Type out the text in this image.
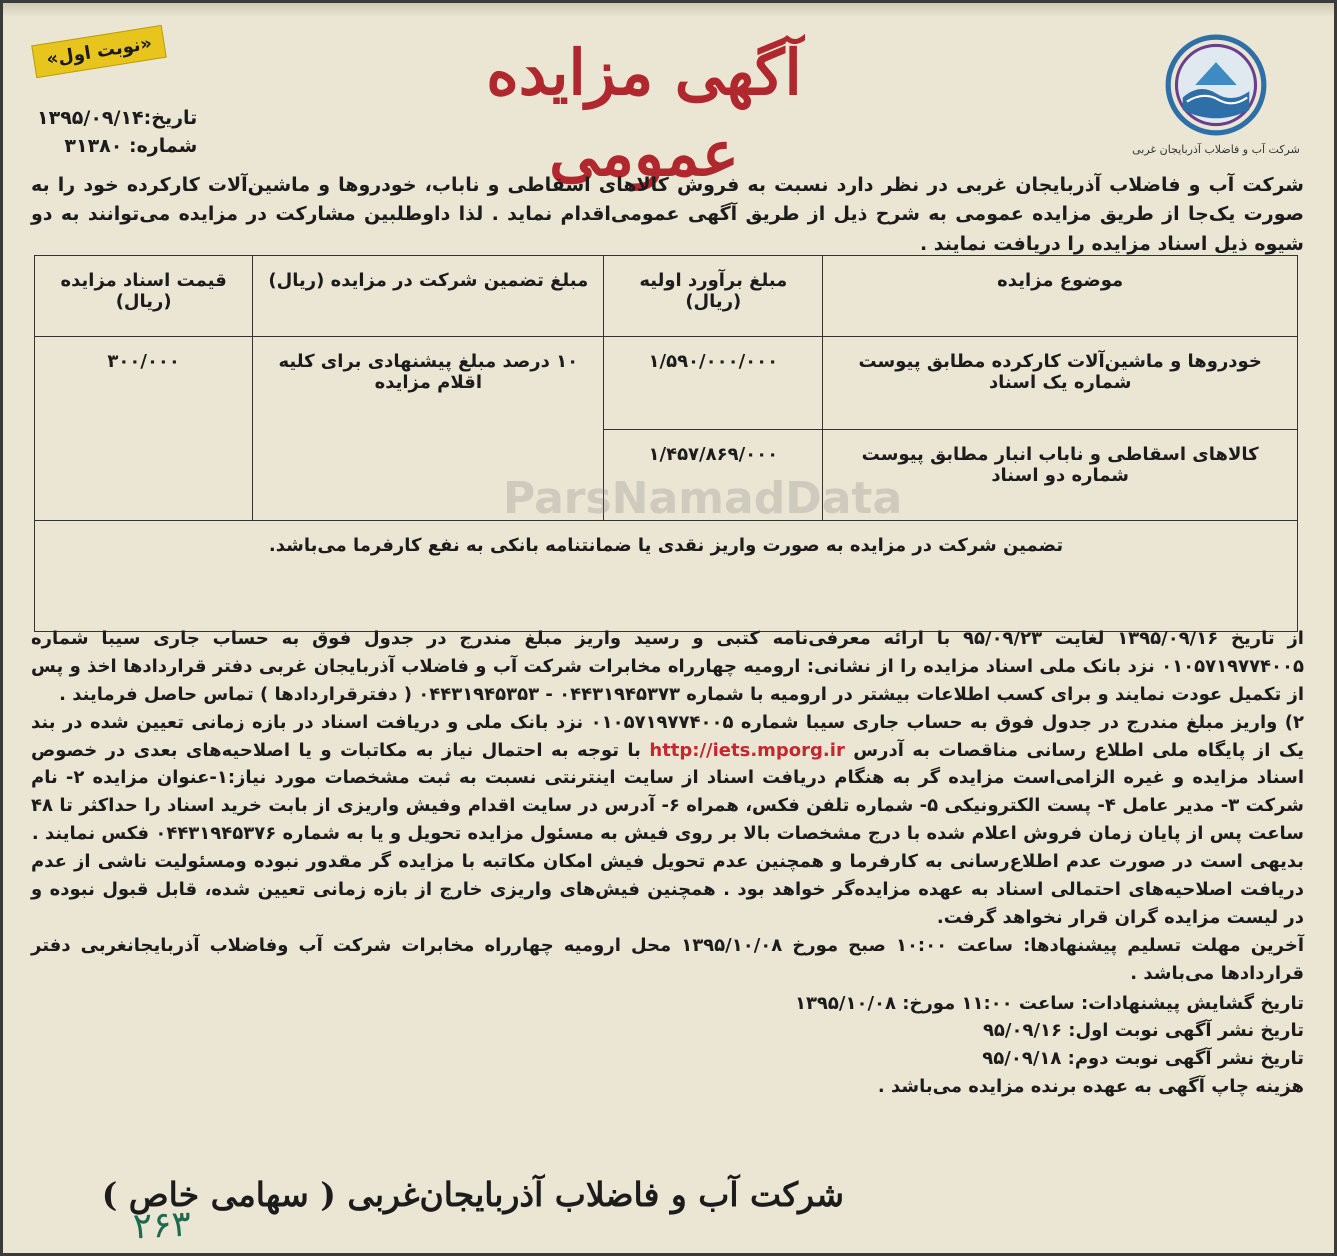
شرکت آب و فاضلاب آذربایجان غربی
آگهی مزایده عمومی
«نوبت اول»
تاریخ:۱۳۹۵/۰۹/۱۴
شماره: ۳۱۳۸۰
شرکت آب و فاضلاب آذربایجان غربی در نظر دارد نسبت به فروش کالاهای اسقاطی و ناباب، خودروها و ماشین‌آلات کارکرده خود را به صورت یک‌جا از طریق مزایده عمومی به شرح ذیل از طریق آگهی عمومی‌اقدام نماید . لذا داوطلبین مشارکت در مزایده می‌توانند به دو شیوه ذیل اسناد مزایده را دریافت نمایند .
موضوع مزایده	مبلغ برآورد اولیه (ریال)	مبلغ تضمین شرکت در مزایده (ریال)	قیمت اسناد مزایده (ریال)
خودروها و ماشین‌آلات کارکرده مطابق پیوست شماره یک اسناد	۱/۵۹۰/۰۰۰/۰۰۰	۱۰ درصد مبلغ پیشنهادی برای کلیه اقلام مزایده	۳۰۰/۰۰۰
کالاهای اسقاطی و ناباب انبار مطابق پیوست شماره دو اسناد	۱/۴۵۷/۸۶۹/۰۰۰		
تضمین شرکت در مزایده به صورت واریز نقدی یا ضمانتنامه بانکی به نفع کارفرما می‌باشد.			
ParsNamadData

از تاریخ ۱۳۹۵/۰۹/۱۶ لغایت ۹۵/۰۹/۲۳ با ارائه معرفی‌نامه کتبی و رسید واریز مبلغ مندرج در جدول فوق به حساب جاری سیبا شماره ۰۱۰۵۷۱۹۷۷۴۰۰۵ نزد بانک ملی اسناد مزایده را از نشانی: ارومیه چهارراه مخابرات شرکت آب و فاضلاب آذربایجان غربی دفتر قراردادها اخذ و پس از تکمیل عودت نمایند و برای کسب اطلاعات بیشتر در ارومیه با شماره ۰۴۴۳۱۹۴۵۳۷۳ - ۰۴۴۳۱۹۴۵۳۵۳ ( دفترقراردادها ) تماس حاصل فرمایند .

۲) واریز مبلغ مندرج در جدول فوق به حساب جاری سیبا شماره ۰۱۰۵۷۱۹۷۷۴۰۰۵ نزد بانک ملی و دریافت اسناد در بازه زمانی تعیین شده در بند یک از پایگاه ملی اطلاع رسانی مناقصات به آدرس http://iets.mporg.ir با توجه به احتمال نیاز به مکاتبات و یا اصلاحیه‌های بعدی در خصوص اسناد مزایده و غیره الزامی‌است مزایده گر به هنگام دریافت اسناد از سایت اینترنتی نسبت به ثبت مشخصات مورد نیاز:۱-عنوان مزایده ۲- نام شرکت ۳- مدیر عامل ۴- پست الکترونیکی ۵- شماره تلفن فکس، همراه ۶- آدرس در سایت اقدام وفیش واریزی از بابت خرید اسناد را حداکثر تا ۴۸ ساعت پس از پایان زمان فروش اعلام شده با درج مشخصات بالا بر روی فیش به مسئول مزایده تحویل و یا به شماره ۰۴۴۳۱۹۴۵۳۷۶ فکس نمایند .

بدیهی است در صورت عدم اطلاع‌رسانی به کارفرما و همچنین عدم تحویل فیش امکان مکاتبه با مزایده گر مقدور نبوده ومسئولیت ناشی از عدم دریافت اصلاحیه‌های احتمالی اسناد به عهده مزایده‌گر خواهد بود . همچنین فیش‌های واریزی خارج از بازه زمانی تعیین شده، قابل قبول نبوده و در لیست مزایده گران قرار نخواهد گرفت.

آخرین مهلت تسلیم پیشنهادها: ساعت ۱۰:۰۰ صبح مورخ ۱۳۹۵/۱۰/۰۸ محل ارومیه چهارراه مخابرات شرکت آب وفاضلاب آذربایجانغربی دفتر قراردادها می‌باشد .

تاریخ گشایش پیشنهادات: ساعت ۱۱:۰۰ مورخ: ۱۳۹۵/۱۰/۰۸

تاریخ نشر آگهی نوبت اول: ۹۵/۰۹/۱۶

تاریخ نشر آگهی نوبت دوم: ۹۵/۰۹/۱۸

هزینه چاپ آگهی به عهده برنده مزایده می‌باشد .

شرکت آب و فاضلاب آذربایجان‌غربی ( سهامی خاص )
۲۶۳
